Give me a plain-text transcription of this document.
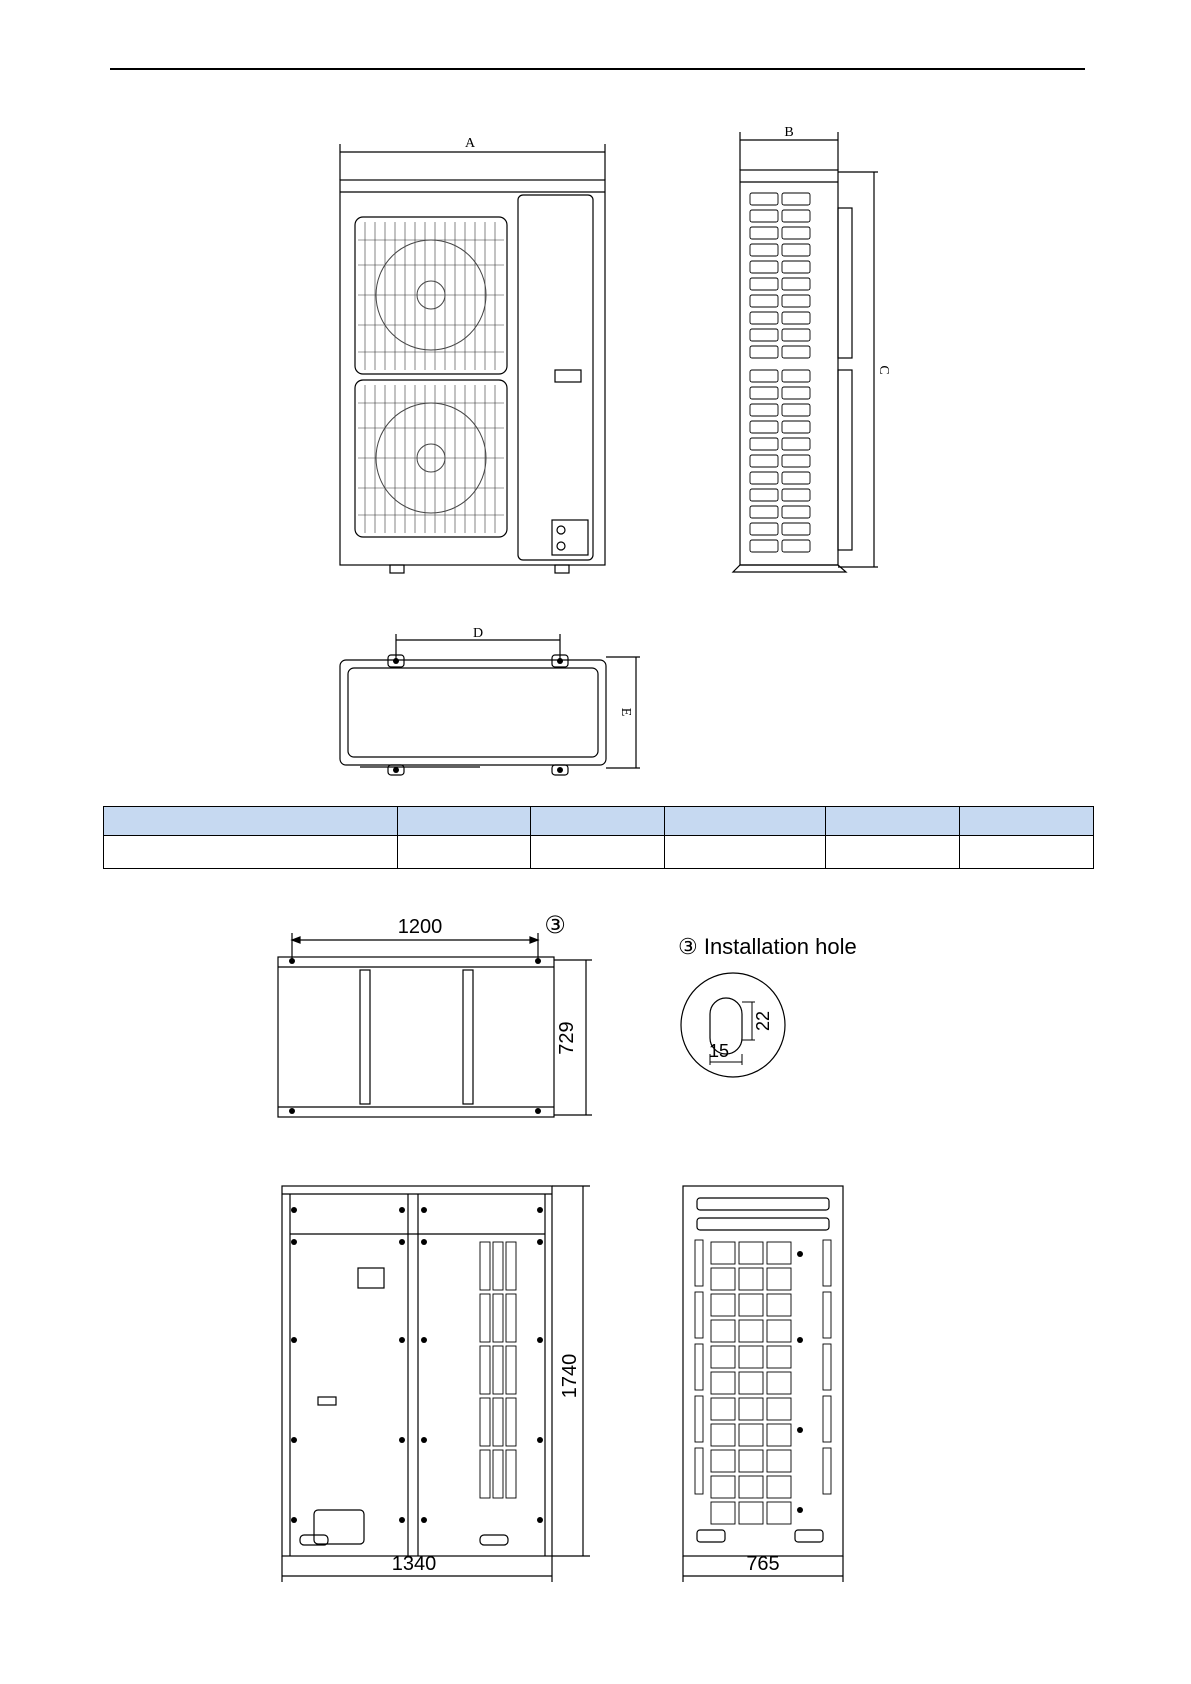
A
B
C
D
E

1200	③
729
③ Installation hole
22
15
1740
1340	765
